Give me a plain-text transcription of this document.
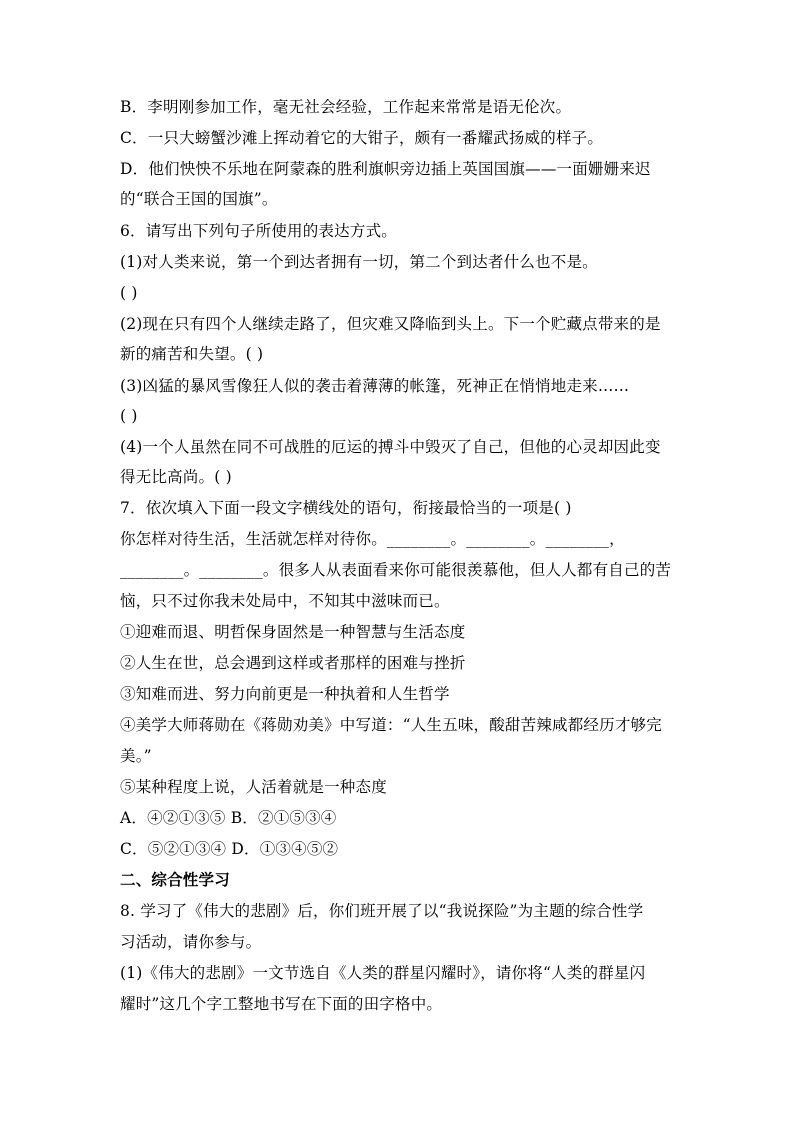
B．李明刚参加工作，毫无社会经验，工作起来常常是语无伦次。
C．一只大螃蟹沙滩上挥动着它的大钳子，颇有一番耀武扬威的样子。
D．他们怏怏不乐地在阿蒙森的胜利旗帜旁边插上英国国旗——一面姗姗来迟
的“联合王国的国旗”。
6．请写出下列句子所使用的表达方式。
(1)对人类来说，第一个到达者拥有一切，第二个到达者什么也不是。
( )
(2)现在只有四个人继续走路了，但灾难又降临到头上。下一个贮藏点带来的是
新的痛苦和失望。( )
(3)凶猛的暴风雪像狂人似的袭击着薄薄的帐篷，死神正在悄悄地走来……
( )
(4)一个人虽然在同不可战胜的厄运的搏斗中毁灭了自己，但他的心灵却因此变
得无比高尚。( )
7．依次填入下面一段文字横线处的语句，衔接最恰当的一项是( )
你怎样对待生活，生活就怎样对待你。________。________。________，
________。________。很多人从表面看来你可能很羡慕他，但人人都有自己的苦
恼，只不过你我未处局中，不知其中滋味而已。
①迎难而退、明哲保身固然是一种智慧与生活态度
②人生在世，总会遇到这样或者那样的困难与挫折
③知难而进、努力向前更是一种执着和人生哲学
④美学大师蒋勋在《蒋勋劝美》中写道：“人生五味，酸甜苦辣咸都经历才够完
美。”
⑤某种程度上说，人活着就是一种态度
A．④②①③⑤ B．②①⑤③④
C．⑤②①③④ D．①③④⑤②
二、综合性学习
8. 学习了《伟大的悲剧》后，你们班开展了以“我说探险”为主题的综合性学
习活动，请你参与。
(1)《伟大的悲剧》一文节选自《人类的群星闪耀时》，请你将“人类的群星闪
耀时”这几个字工整地书写在下面的田字格中。
